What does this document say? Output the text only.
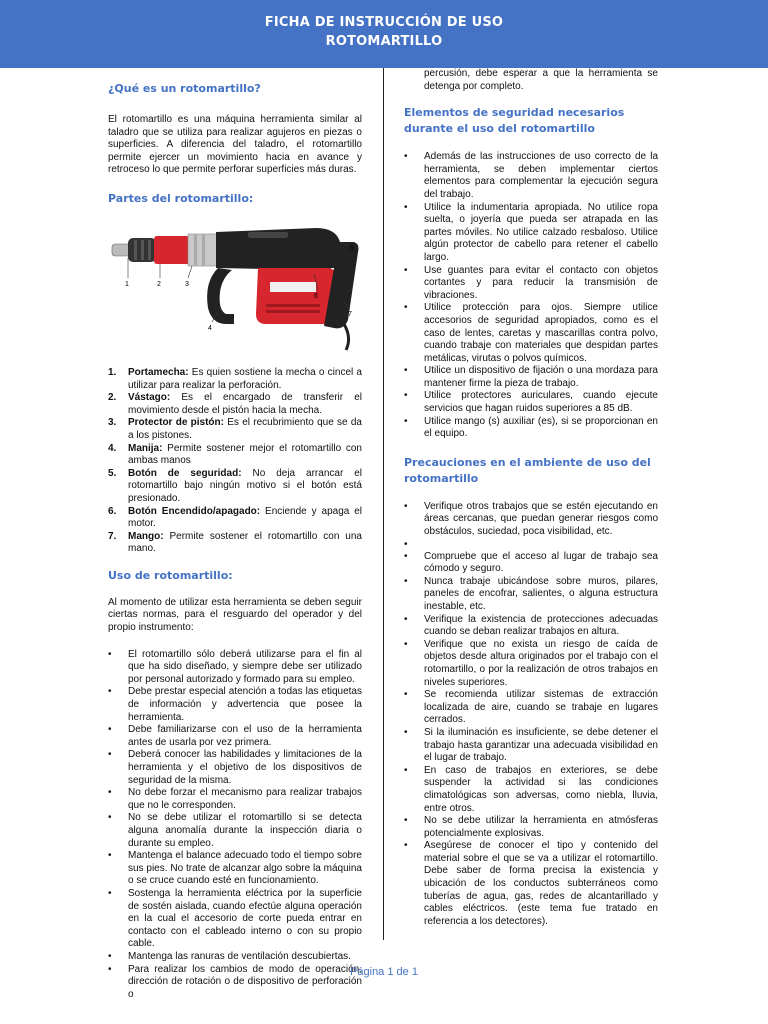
FICHA DE INSTRUCCIÓN DE USO
ROTOMARTILLO
¿Qué es un rotomartillo?

El rotomartillo es una máquina herramienta similar al taladro que se utiliza para realizar agujeros en piezas o superficies. A diferencia del taladro, el rotomartillo permite ejercer un movimiento hacia en avance y retroceso lo que permite perforar superficies más duras.

Partes del rotomartillo:
1. Portamecha: Es quien sostiene la mecha o cincel a utilizar para realizar la perforación.
2. Vástago: Es el encargado de transferir el movimiento desde el pistón hacia la mecha.
3. Protector de pistón: Es el recubrimiento que se da a los pistones.
4. Manija: Permite sostener mejor el rotomartillo con ambas manos
5. Botón de seguridad: No deja arrancar el rotomartillo bajo ningún motivo si el botón está presionado.
6. Botón Encendido/apagado: Enciende y apaga el motor.
7. Mango: Permite sostener el rotomartillo con una mano.
Uso de rotomartillo:

Al momento de utilizar esta herramienta se deben seguir ciertas normas, para el resguardo del operador y del propio instrumento:

• El rotomartillo sólo deberá utilizarse para el fin al que ha sido diseñado, y siempre debe ser utilizado por personal autorizado y formado para su empleo.
• Debe prestar especial atención a todas las etiquetas de información y advertencia que posee la herramienta.
• Debe familiarizarse con el uso de la herramienta antes de usarla por vez primera.
• Deberá conocer las habilidades y limitaciones de la herramienta y el objetivo de los dispositivos de seguridad de la misma.
• No debe forzar el mecanismo para realizar trabajos que no le corresponden.
• No se debe utilizar el rotomartillo si se detecta alguna anomalía durante la inspección diaria o durante su empleo.
• Mantenga el balance adecuado todo el tiempo sobre sus pies. No trate de alcanzar algo sobre la máquina o se cruce cuando esté en funcionamiento.
• Sostenga la herramienta eléctrica por la superficie de sostén aislada, cuando efectúe alguna operación en la cual el accesorio de corte pueda entrar en contacto con el cableado interno o con su propio cable.
• Mantenga las ranuras de ventilación descubiertas.
• Para realizar los cambios de modo de operación, dirección de rotación o de dispositivo de perforación o
1	2	3
4
5
6
7

percusión, debe esperar a que la herramienta se detenga por completo.

Elementos de seguridad necesarios durante el uso del rotomartillo
• Además de las instrucciones de uso correcto de la herramienta, se deben implementar ciertos elementos para complementar la ejecución segura del trabajo.
• Utilice la indumentaria apropiada. No utilice ropa suelta, o joyería que pueda ser atrapada en las partes móviles. No utilice calzado resbaloso. Utilice algún protector de cabello para retener el cabello largo.
• Use guantes para evitar el contacto con objetos cortantes y para reducir la transmisión de vibraciones.
• Utilice protección para ojos. Siempre utilice accesorios de seguridad apropiados, como es el caso de lentes, caretas y mascarillas contra polvo, cuando trabaje con materiales que despidan partes metálicas, virutas o polvos químicos.
• Utilice un dispositivo de fijación o una mordaza para mantener firme la pieza de trabajo.
• Utilice protectores auriculares, cuando ejecute servicios que hagan ruidos superiores a 85 dB.
• Utilice mango (s) auxiliar (es), si se proporcionan en el equipo.
Precauciones en el ambiente de uso del rotomartillo
• Verifique otros trabajos que se estén ejecutando en áreas cercanas, que puedan generar riesgos como obstáculos, suciedad, poca visibilidad, etc.
•
• Compruebe que el acceso al lugar de trabajo sea cómodo y seguro.
• Nunca trabaje ubicándose sobre muros, pilares, paneles de encofrar, salientes, o alguna estructura inestable, etc.
• Verifique la existencia de protecciones adecuadas cuando se deban realizar trabajos en altura.
• Verifique que no exista un riesgo de caída de objetos desde altura originados por el trabajo con el rotomartillo, o por la realización de otros trabajos en niveles superiores.
• Se recomienda utilizar sistemas de extracción localizada de aire, cuando se trabaje en lugares cerrados.
• Si la iluminación es insuficiente, se debe detener el trabajo hasta garantizar una adecuada visibilidad en el lugar de trabajo.
• En caso de trabajos en exteriores, se debe suspender la actividad si las condiciones climatológicas son adversas, como niebla, lluvia, entre otros.
• No se debe utilizar la herramienta en atmósferas potencialmente explosivas.
• Asegúrese de conocer el tipo y contenido del material sobre el que se va a utilizar el rotomartillo. Debe saber de forma precisa la existencia y ubicación de los conductos subterráneos como tuberías de agua, gas, redes de alcantarillado y cables eléctricos. (este tema fue tratado en referencia a los detectores).
Página 1 de 1
